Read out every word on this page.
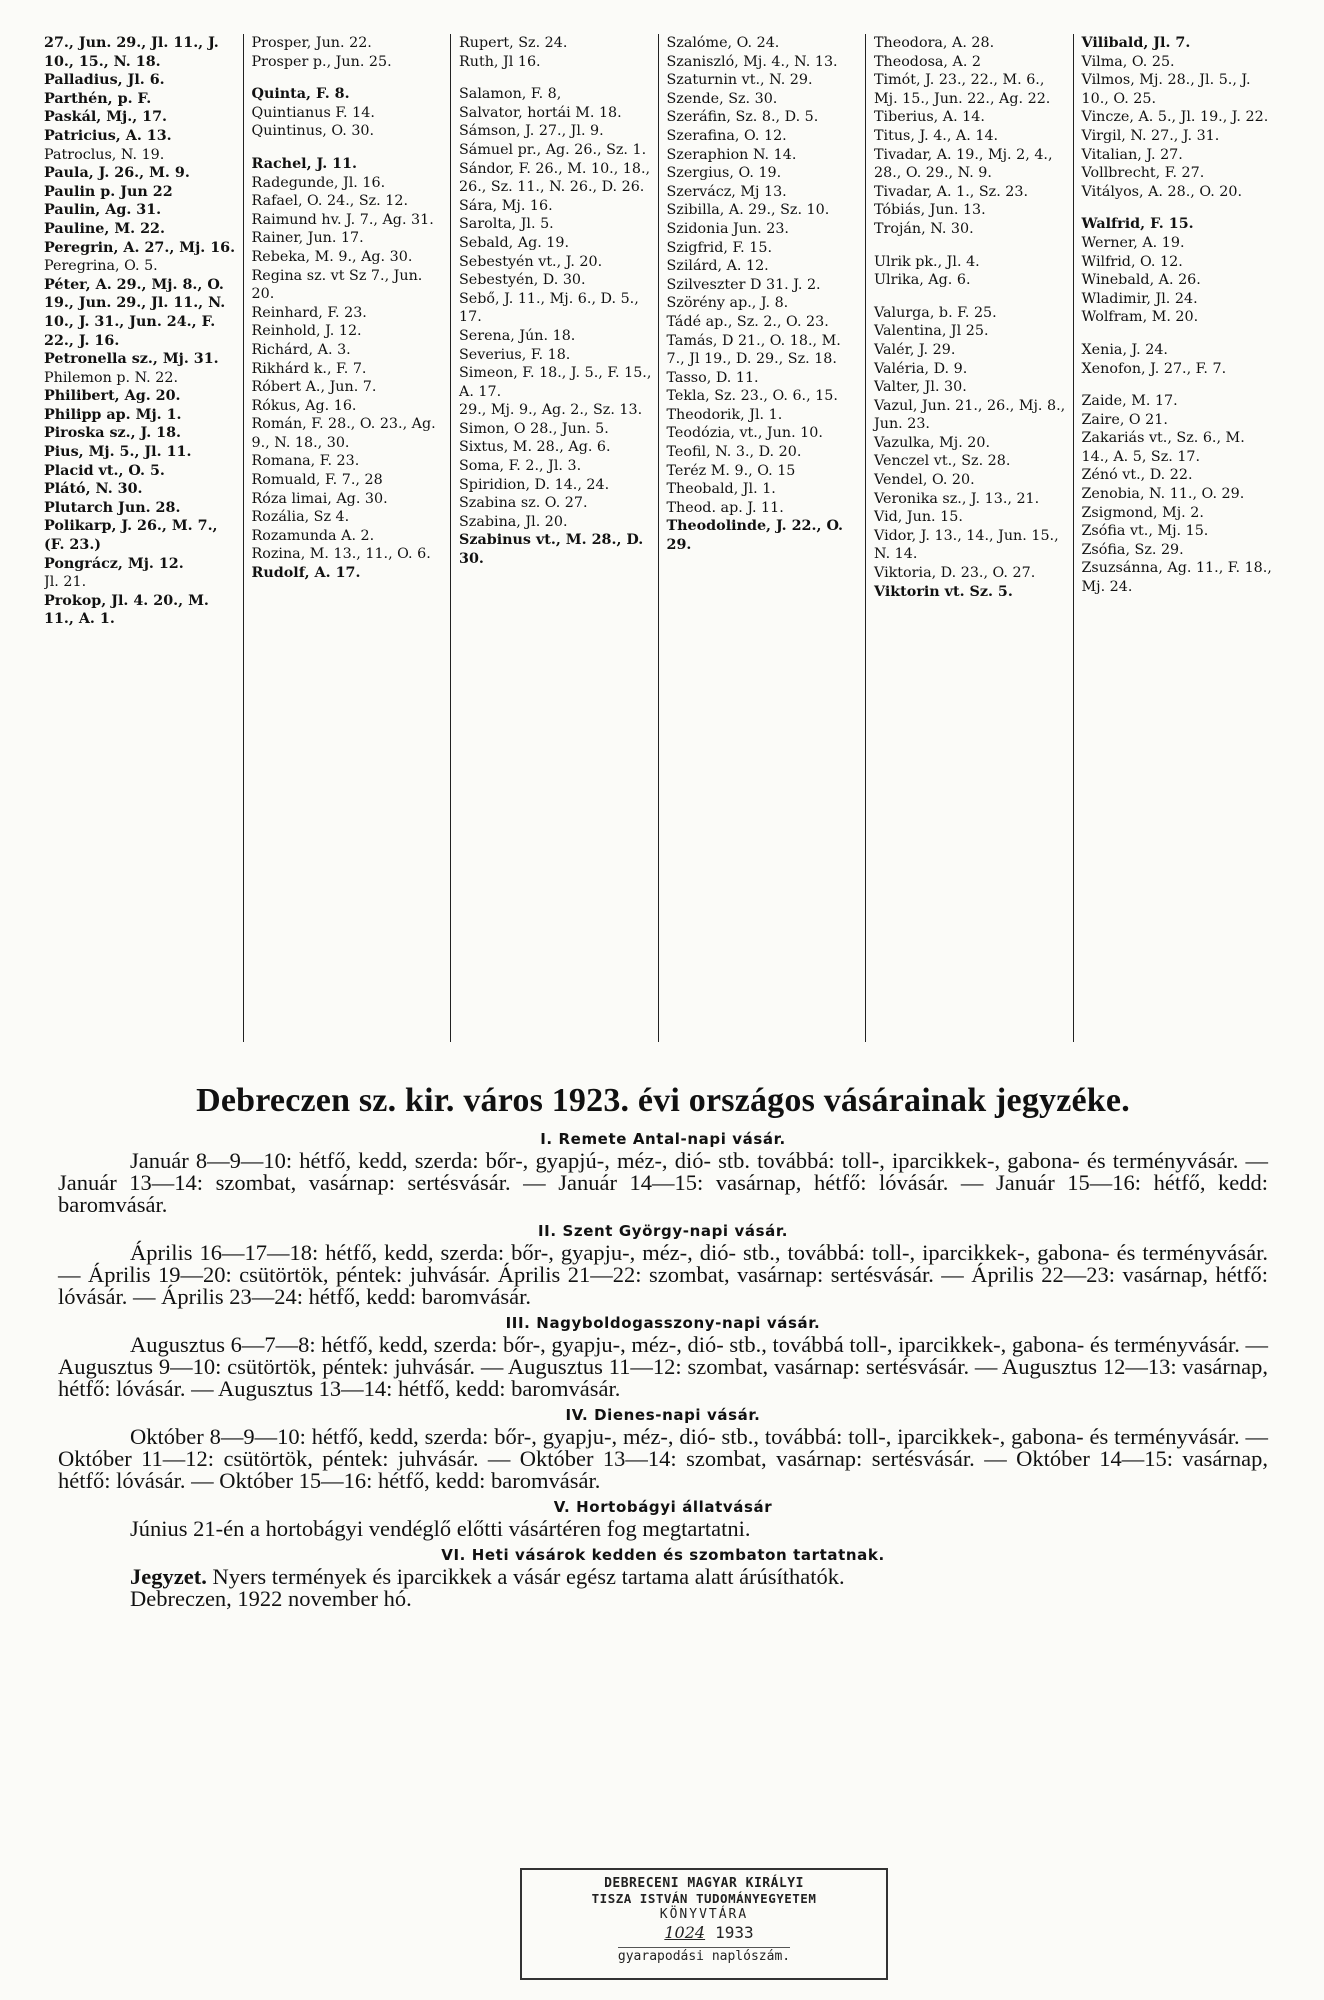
27., Jun. 29., Jl. 11., J. 10., 15., N. 18.

Palladius, Jl. 6.

Parthén, p. F.

Paskál, Mj., 17.

Patricius, A. 13.

Patroclus, N. 19.

Paula, J. 26., M. 9.

Paulin p. Jun 22

Paulin, Ag. 31.

Pauline, M. 22.

Peregrin, A. 27., Mj. 16.

Peregrina, O. 5.

Péter, A. 29., Mj. 8., O. 19., Jun. 29., Jl. 11., N. 10., J. 31., Jun. 24., F. 22., J. 16.

Petronella sz., Mj. 31.

Philemon p. N. 22.

Philibert, Ag. 20.

Philipp ap. Mj. 1.

Piroska sz., J. 18.

Pius, Mj. 5., Jl. 11.

Placid vt., O. 5.

Plátó, N. 30.

Plutarch Jun. 28.

Polikarp, J. 26., M. 7., (F. 23.)

Pongrácz, Mj. 12.

Jl. 21.

Prokop, Jl. 4. 20., M. 11., A. 1.

Prosper, Jun. 22.

Prosper p., Jun. 25.

Quinta, F. 8.

Quintianus F. 14.

Quintinus, O. 30.

Rachel, J. 11.

Radegunde, Jl. 16.

Rafael, O. 24., Sz. 12.

Raimund hv. J. 7., Ag. 31.

Rainer, Jun. 17.

Rebeka, M. 9., Ag. 30.

Regina sz. vt Sz 7., Jun. 20.

Reinhard, F. 23.

Reinhold, J. 12.

Richárd, A. 3.

Rikhárd k., F. 7.

Róbert A., Jun. 7.

Rókus, Ag. 16.

Román, F. 28., O. 23., Ag. 9., N. 18., 30.

Romana, F. 23.

Romuald, F. 7., 28

Róza limai, Ag. 30.

Rozália, Sz 4.

Rozamunda A. 2.

Rozina, M. 13., 11., O. 6.

Rudolf, A. 17.

Rupert, Sz. 24.

Ruth, Jl 16.

Salamon, F. 8,

Salvator, hortái M. 18.

Sámson, J. 27., Jl. 9.

Sámuel pr., Ag. 26., Sz. 1.

Sándor, F. 26., M. 10., 18., 26., Sz. 11., N. 26., D. 26.

Sára, Mj. 16.

Sarolta, Jl. 5.

Sebald, Ag. 19.

Sebestyén vt., J. 20.

Sebestyén, D. 30.

Sebő, J. 11., Mj. 6., D. 5., 17.

Serena, Jún. 18.

Severius, F. 18.

Simeon, F. 18., J. 5., F. 15., A. 17.

29., Mj. 9., Ag. 2., Sz. 13.

Simon, O 28., Jun. 5.

Sixtus, M. 28., Ag. 6.

Soma, F. 2., Jl. 3.

Spiridion, D. 14., 24.

Szabina sz. O. 27.

Szabina, Jl. 20.

Szabinus vt., M. 28., D. 30.

Szalóme, O. 24.

Szaniszló, Mj. 4., N. 13.

Szaturnin vt., N. 29.

Szende, Sz. 30.

Szeráfin, Sz. 8., D. 5.

Szerafina, O. 12.

Szeraphion N. 14.

Szergius, O. 19.

Szervácz, Mj 13.

Szibilla, A. 29., Sz. 10.

Szidonia Jun. 23.

Szigfrid, F. 15.

Szilárd, A. 12.

Szilveszter D 31. J. 2.

Szörény ap., J. 8.

Tádé ap., Sz. 2., O. 23.

Tamás, D 21., O. 18., M. 7., Jl 19., D. 29., Sz. 18.

Tasso, D. 11.

Tekla, Sz. 23., O. 6., 15.

Theodorik, Jl. 1.

Teodózia, vt., Jun. 10.

Teofil, N. 3., D. 20.

Teréz M. 9., O. 15

Theobald, Jl. 1.

Theod. ap. J. 11.

Theodolinde, J. 22., O. 29.

Theodora, A. 28.

Theodosa, A. 2

Timót, J. 23., 22., M. 6., Mj. 15., Jun. 22., Ag. 22.

Tiberius, A. 14.

Titus, J. 4., A. 14.

Tivadar, A. 19., Mj. 2, 4., 28., O. 29., N. 9.

Tivadar, A. 1., Sz. 23.

Tóbiás, Jun. 13.

Troján, N. 30.

Ulrik pk., Jl. 4.

Ulrika, Ag. 6.

Valurga, b. F. 25.

Valentina, Jl 25.

Valér, J. 29.

Valéria, D. 9.

Valter, Jl. 30.

Vazul, Jun. 21., 26., Mj. 8., Jun. 23.

Vazulka, Mj. 20.

Venczel vt., Sz. 28.

Vendel, O. 20.

Veronika sz., J. 13., 21.

Vid, Jun. 15.

Vidor, J. 13., 14., Jun. 15., N. 14.

Viktoria, D. 23., O. 27.

Viktorin vt. Sz. 5.

Vilibald, Jl. 7.

Vilma, O. 25.

Vilmos, Mj. 28., Jl. 5., J. 10., O. 25.

Vincze, A. 5., Jl. 19., J. 22.

Virgil, N. 27., J. 31.

Vitalian, J. 27.

Vollbrecht, F. 27.

Vitályos, A. 28., O. 20.

Walfrid, F. 15.

Werner, A. 19.

Wilfrid, O. 12.

Winebald, A. 26.

Wladimir, Jl. 24.

Wolfram, M. 20.

Xenia, J. 24.

Xenofon, J. 27., F. 7.

Zaide, M. 17.

Zaire, O 21.

Zakariás vt., Sz. 6., M. 14., A. 5, Sz. 17.

Zénó vt., D. 22.

Zenobia, N. 11., O. 29.

Zsigmond, Mj. 2.

Zsófia vt., Mj. 15.

Zsófia, Sz. 29.

Zsuzsánna, Ag. 11., F. 18., Mj. 24.

Debreczen sz. kir. város 1923. évi országos vásárainak jegyzéke.
I. Remete Antal-napi vásár.

Január 8—9—10: hétfő, kedd, szerda: bőr-, gyapjú-, méz-, dió- stb. továbbá: toll-, iparcikkek-, gabona- és terményvásár. — Január 13—14: szombat, vasárnap: sertésvásár. — Január 14—15: vasárnap, hétfő: lóvásár. — Január 15—16: hétfő, kedd: baromvásár.

II. Szent György-napi vásár.

Április 16—17—18: hétfő, kedd, szerda: bőr-, gyapju-, méz-, dió- stb., továbbá: toll-, iparcikkek-, gabona- és terményvásár. — Április 19—20: csütörtök, péntek: juhvásár. Április 21—22: szombat, vasárnap: sertésvásár. — Április 22—23: vasárnap, hétfő: lóvásár. — Április 23—24: hétfő, kedd: baromvásár.

III. Nagyboldogasszony-napi vásár.

Augusztus 6—7—8: hétfő, kedd, szerda: bőr-, gyapju-, méz-, dió- stb., továbbá toll-, iparcikkek-, gabona- és terményvásár. — Augusztus 9—10: csütörtök, péntek: juhvásár. — Augusztus 11—12: szombat, vasárnap: sertésvásár. — Augusztus 12—13: vasárnap, hétfő: lóvásár. — Augusztus 13—14: hétfő, kedd: baromvásár.

IV. Dienes-napi vásár.

Október 8—9—10: hétfő, kedd, szerda: bőr-, gyapju-, méz-, dió- stb., továbbá: toll-, iparcikkek-, gabona- és terményvásár. — Október 11—12: csütörtök, péntek: juhvásár. — Október 13—14: szombat, vasárnap: sertésvásár. — Október 14—15: vasárnap, hétfő: lóvásár. — Október 15—16: hétfő, kedd: baromvásár.

V. Hortobágyi állatvásár

Június 21-én a hortobágyi vendéglő előtti vásártéren fog megtartatni.

VI. Heti vásárok kedden és szombaton tartatnak.

Jegyzet. Nyers termények és iparcikkek a vásár egész tartama alatt árúsíthatók.

Debreczen, 1922 november hó.

DEBRECENI MAGYAR KIRÁLYI
TISZA ISTVÁN TUDOMÁNYEGYETEM
KÖNYVTÁRA
1024 1933
gyarapodási naplószám.
